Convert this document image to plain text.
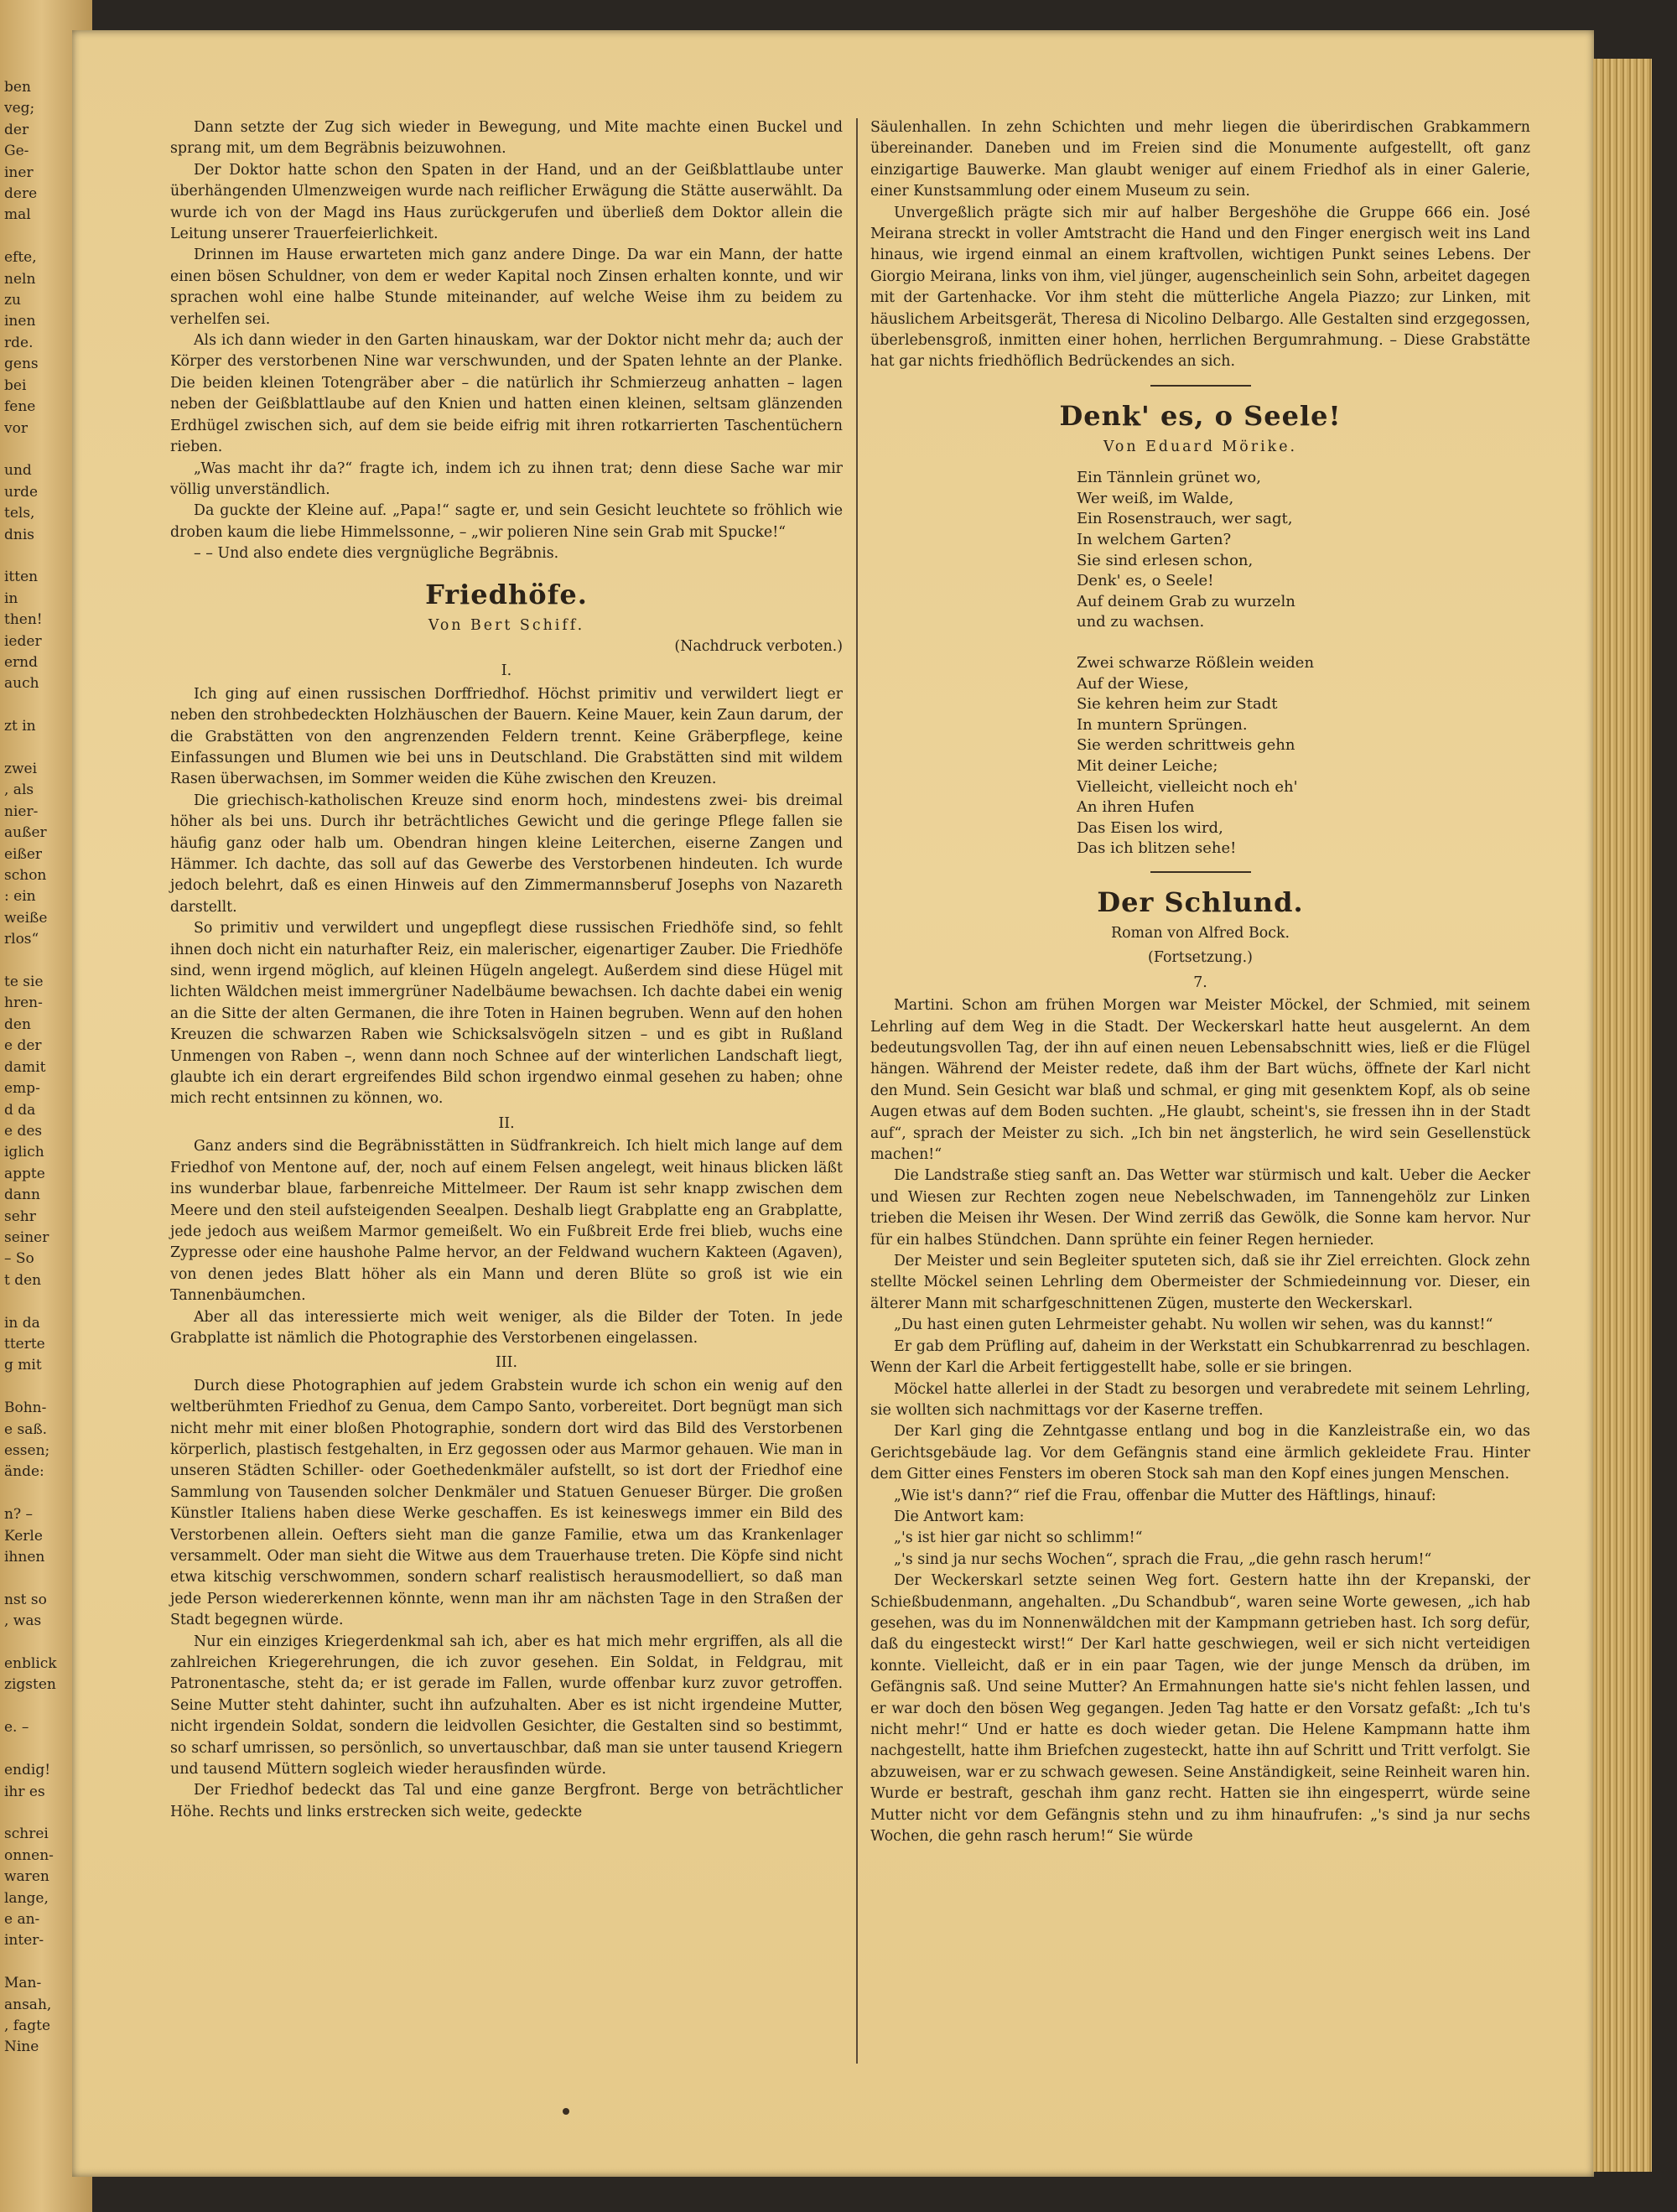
ben
veg;
der
Ge-
iner
dere
mal

efte,
neln
zu
inen
rde.
gens
bei
fene
vor

und
urde
tels,
dnis

itten
in
then!
ieder
ernd
auch

zt in

zwei
, als
nier-
außer
eißer
schon
: ein
weiße
rlos“

te sie
hren-
den
e der
damit
emp-
d da
e des
iglich
appte
dann
sehr
seiner
– So
t den

in da
tterte
g mit

Bohn-
e saß.
essen;
ände:

n? –
Kerle
ihnen

nst so
, was

enblick
zigsten

e. –

endig!
ihr es

schrei
onnen-
waren
lange,
e an-
inter-

Man-
ansah,
, fagte
Nine

Dann setzte der Zug sich wieder in Bewegung, und Mite machte einen Buckel und sprang mit, um dem Begräbnis beizuwohnen.

Der Doktor hatte schon den Spaten in der Hand, und an der Geißblattlaube unter überhängenden Ulmenzweigen wurde nach reiflicher Erwägung die Stätte auserwählt. Da wurde ich von der Magd ins Haus zurückgerufen und überließ dem Doktor allein die Leitung unserer Trauerfeierlichkeit.

Drinnen im Hause erwarteten mich ganz andere Dinge. Da war ein Mann, der hatte einen bösen Schuldner, von dem er weder Kapital noch Zinsen erhalten konnte, und wir sprachen wohl eine halbe Stunde miteinander, auf welche Weise ihm zu beidem zu verhelfen sei.

Als ich dann wieder in den Garten hinauskam, war der Doktor nicht mehr da; auch der Körper des verstorbenen Nine war verschwunden, und der Spaten lehnte an der Planke. Die beiden kleinen Totengräber aber – die natürlich ihr Schmierzeug anhatten – lagen neben der Geißblattlaube auf den Knien und hatten einen kleinen, seltsam glänzenden Erdhügel zwischen sich, auf dem sie beide eifrig mit ihren rotkarrierten Taschentüchern rieben.

„Was macht ihr da?“ fragte ich, indem ich zu ihnen trat; denn diese Sache war mir völlig unverständlich.

Da guckte der Kleine auf. „Papa!“ sagte er, und sein Gesicht leuchtete so fröhlich wie droben kaum die liebe Himmelssonne, – „wir polieren Nine sein Grab mit Spucke!“

– – Und also endete dies vergnügliche Begräbnis.

Friedhöfe.
Von Bert Schiff.
(Nachdruck verboten.)
I.

Ich ging auf einen russischen Dorffriedhof. Höchst primitiv und verwildert liegt er neben den strohbedeckten Holzhäuschen der Bauern. Keine Mauer, kein Zaun darum, der die Grabstätten von den angrenzenden Feldern trennt. Keine Gräberpflege, keine Einfassungen und Blumen wie bei uns in Deutschland. Die Grabstätten sind mit wildem Rasen überwachsen, im Sommer weiden die Kühe zwischen den Kreuzen.

Die griechisch-katholischen Kreuze sind enorm hoch, mindestens zwei- bis dreimal höher als bei uns. Durch ihr beträchtliches Gewicht und die geringe Pflege fallen sie häufig ganz oder halb um. Obendran hingen kleine Leiterchen, eiserne Zangen und Hämmer. Ich dachte, das soll auf das Gewerbe des Verstorbenen hindeuten. Ich wurde jedoch belehrt, daß es einen Hinweis auf den Zimmermannsberuf Josephs von Nazareth darstellt.

So primitiv und verwildert und ungepflegt diese russischen Friedhöfe sind, so fehlt ihnen doch nicht ein naturhafter Reiz, ein malerischer, eigenartiger Zauber. Die Friedhöfe sind, wenn irgend möglich, auf kleinen Hügeln angelegt. Außerdem sind diese Hügel mit lichten Wäldchen meist immergrüner Nadelbäume bewachsen. Ich dachte dabei ein wenig an die Sitte der alten Germanen, die ihre Toten in Hainen begruben. Wenn auf den hohen Kreuzen die schwarzen Raben wie Schicksalsvögeln sitzen – und es gibt in Rußland Unmengen von Raben –, wenn dann noch Schnee auf der winterlichen Landschaft liegt, glaubte ich ein derart ergreifendes Bild schon irgendwo einmal gesehen zu haben; ohne mich recht entsinnen zu können, wo.

II.

Ganz anders sind die Begräbnisstätten in Südfrankreich. Ich hielt mich lange auf dem Friedhof von Mentone auf, der, noch auf einem Felsen angelegt, weit hinaus blicken läßt ins wunderbar blaue, farbenreiche Mittelmeer. Der Raum ist sehr knapp zwischen dem Meere und den steil aufsteigenden Seealpen. Deshalb liegt Grabplatte eng an Grabplatte, jede jedoch aus weißem Marmor gemeißelt. Wo ein Fußbreit Erde frei blieb, wuchs eine Zypresse oder eine haushohe Palme hervor, an der Feldwand wuchern Kakteen (Agaven), von denen jedes Blatt höher als ein Mann und deren Blüte so groß ist wie ein Tannenbäumchen.

Aber all das interessierte mich weit weniger, als die Bilder der Toten. In jede Grabplatte ist nämlich die Photographie des Verstorbenen eingelassen.

III.

Durch diese Photographien auf jedem Grabstein wurde ich schon ein wenig auf den weltberühmten Friedhof zu Genua, dem Campo Santo, vorbereitet. Dort begnügt man sich nicht mehr mit einer bloßen Photographie, sondern dort wird das Bild des Verstorbenen körperlich, plastisch festgehalten, in Erz gegossen oder aus Marmor gehauen. Wie man in unseren Städten Schiller- oder Goethedenkmäler aufstellt, so ist dort der Friedhof eine Sammlung von Tausenden solcher Denkmäler und Statuen Genueser Bürger. Die großen Künstler Italiens haben diese Werke geschaffen. Es ist keineswegs immer ein Bild des Verstorbenen allein. Oefters sieht man die ganze Familie, etwa um das Krankenlager versammelt. Oder man sieht die Witwe aus dem Trauerhause treten. Die Köpfe sind nicht etwa kitschig verschwommen, sondern scharf realistisch herausmodelliert, so daß man jede Person wiedererkennen könnte, wenn man ihr am nächsten Tage in den Straßen der Stadt begegnen würde.

Nur ein einziges Kriegerdenkmal sah ich, aber es hat mich mehr ergriffen, als all die zahlreichen Kriegerehrungen, die ich zuvor gesehen. Ein Soldat, in Feldgrau, mit Patronentasche, steht da; er ist gerade im Fallen, wurde offenbar kurz zuvor getroffen. Seine Mutter steht dahinter, sucht ihn aufzuhalten. Aber es ist nicht irgendeine Mutter, nicht irgendein Soldat, sondern die leidvollen Gesichter, die Gestalten sind so bestimmt, so scharf umrissen, so persönlich, so unvertauschbar, daß man sie unter tausend Kriegern und tausend Müttern sogleich wieder herausfinden würde.

Der Friedhof bedeckt das Tal und eine ganze Bergfront. Berge von beträchtlicher Höhe. Rechts und links erstrecken sich weite, gedeckte

Säulenhallen. In zehn Schichten und mehr liegen die überirdischen Grabkammern übereinander. Daneben und im Freien sind die Monumente aufgestellt, oft ganz einzigartige Bauwerke. Man glaubt weniger auf einem Friedhof als in einer Galerie, einer Kunstsammlung oder einem Museum zu sein.

Unvergeßlich prägte sich mir auf halber Bergeshöhe die Gruppe 666 ein. José Meirana streckt in voller Amtstracht die Hand und den Finger energisch weit ins Land hinaus, wie irgend einmal an einem kraftvollen, wichtigen Punkt seines Lebens. Der Giorgio Meirana, links von ihm, viel jünger, augenscheinlich sein Sohn, arbeitet dagegen mit der Gartenhacke. Vor ihm steht die mütterliche Angela Piazzo; zur Linken, mit häuslichem Arbeitsgerät, Theresa di Nicolino Delbargo. Alle Gestalten sind erzgegossen, überlebensgroß, inmitten einer hohen, herrlichen Bergumrahmung. – Diese Grabstätte hat gar nichts friedhöflich Bedrückendes an sich.

Denk' es, o Seele!
Von Eduard Mörike.
Ein Tännlein grünet wo,
Wer weiß, im Walde,
Ein Rosenstrauch, wer sagt,
In welchem Garten?
Sie sind erlesen schon,
Denk' es, o Seele!
Auf deinem Grab zu wurzeln
und zu wachsen.
Zwei schwarze Rößlein weiden
Auf der Wiese,
Sie kehren heim zur Stadt
In muntern Sprüngen.
Sie werden schrittweis gehn
Mit deiner Leiche;
Vielleicht, vielleicht noch eh'
An ihren Hufen
Das Eisen los wird,
Das ich blitzen sehe!
Der Schlund.
Roman von Alfred Bock.
(Fortsetzung.)
7.

Martini. Schon am frühen Morgen war Meister Möckel, der Schmied, mit seinem Lehrling auf dem Weg in die Stadt. Der Weckerskarl hatte heut ausgelernt. An dem bedeutungsvollen Tag, der ihn auf einen neuen Lebensabschnitt wies, ließ er die Flügel hängen. Während der Meister redete, daß ihm der Bart wüchs, öffnete der Karl nicht den Mund. Sein Gesicht war blaß und schmal, er ging mit gesenktem Kopf, als ob seine Augen etwas auf dem Boden suchten. „He glaubt, scheint's, sie fressen ihn in der Stadt auf“, sprach der Meister zu sich. „Ich bin net ängsterlich, he wird sein Gesellenstück machen!“

Die Landstraße stieg sanft an. Das Wetter war stürmisch und kalt. Ueber die Aecker und Wiesen zur Rechten zogen neue Nebelschwaden, im Tannengehölz zur Linken trieben die Meisen ihr Wesen. Der Wind zerriß das Gewölk, die Sonne kam hervor. Nur für ein halbes Stündchen. Dann sprühte ein feiner Regen hernieder.

Der Meister und sein Begleiter sputeten sich, daß sie ihr Ziel erreichten. Glock zehn stellte Möckel seinen Lehrling dem Obermeister der Schmiedeinnung vor. Dieser, ein älterer Mann mit scharfgeschnittenen Zügen, musterte den Weckerskarl.

„Du hast einen guten Lehrmeister gehabt. Nu wollen wir sehen, was du kannst!“

Er gab dem Prüfling auf, daheim in der Werkstatt ein Schubkarrenrad zu beschlagen. Wenn der Karl die Arbeit fertiggestellt habe, solle er sie bringen.

Möckel hatte allerlei in der Stadt zu besorgen und verabredete mit seinem Lehrling, sie wollten sich nachmittags vor der Kaserne treffen.

Der Karl ging die Zehntgasse entlang und bog in die Kanzleistraße ein, wo das Gerichtsgebäude lag. Vor dem Gefängnis stand eine ärmlich gekleidete Frau. Hinter dem Gitter eines Fensters im oberen Stock sah man den Kopf eines jungen Menschen.

„Wie ist's dann?“ rief die Frau, offenbar die Mutter des Häftlings, hinauf:

Die Antwort kam:

„'s ist hier gar nicht so schlimm!“

„'s sind ja nur sechs Wochen“, sprach die Frau, „die gehn rasch herum!“

Der Weckerskarl setzte seinen Weg fort. Gestern hatte ihn der Krepanski, der Schießbudenmann, angehalten. „Du Schandbub“, waren seine Worte gewesen, „ich hab gesehen, was du im Nonnenwäldchen mit der Kampmann getrieben hast. Ich sorg defür, daß du eingesteckt wirst!“ Der Karl hatte geschwiegen, weil er sich nicht verteidigen konnte. Vielleicht, daß er in ein paar Tagen, wie der junge Mensch da drüben, im Gefängnis saß. Und seine Mutter? An Ermahnungen hatte sie's nicht fehlen lassen, und er war doch den bösen Weg gegangen. Jeden Tag hatte er den Vorsatz gefaßt: „Ich tu's nicht mehr!“ Und er hatte es doch wieder getan. Die Helene Kampmann hatte ihm nachgestellt, hatte ihm Briefchen zugesteckt, hatte ihn auf Schritt und Tritt verfolgt. Sie abzuweisen, war er zu schwach gewesen. Seine Anständigkeit, seine Reinheit waren hin. Wurde er bestraft, geschah ihm ganz recht. Hatten sie ihn eingesperrt, würde seine Mutter nicht vor dem Gefängnis stehn und zu ihm hinaufrufen: „'s sind ja nur sechs Wochen, die gehn rasch herum!“ Sie würde
